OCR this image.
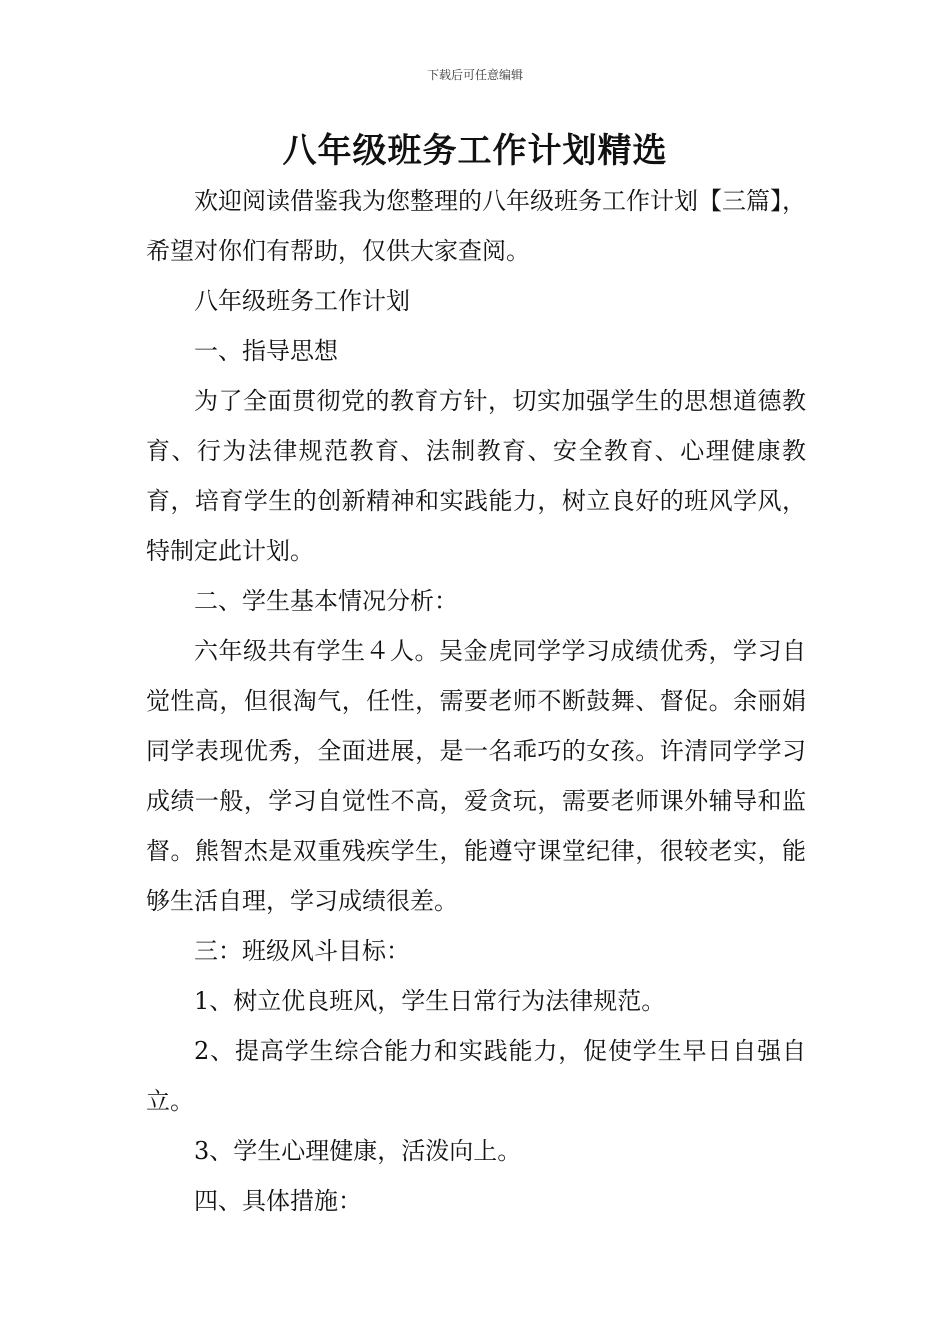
下载后可任意编辑
八年级班务工作计划精选

欢迎阅读借鉴我为您整理的八年级班务工作计划【三篇】，希望对你们有帮助，仅供大家查阅。

八年级班务工作计划

一、指导思想

为了全面贯彻党的教育方针，切实加强学生的思想道德教育、行为法律规范教育、法制教育、安全教育、心理健康教育，培育学生的创新精神和实践能力，树立良好的班风学风，特制定此计划。

二、学生基本情况分析：

六年级共有学生４人。吴金虎同学学习成绩优秀，学习自觉性高，但很淘气，任性，需要老师不断鼓舞、督促。余丽娟同学表现优秀，全面进展，是一名乖巧的女孩。许清同学学习成绩一般，学习自觉性不高，爱贪玩，需要老师课外辅导和监督。熊智杰是双重残疾学生，能遵守课堂纪律，很较老实，能够生活自理，学习成绩很差。

三：班级风斗目标：

1、树立优良班风，学生日常行为法律规范。

2、提高学生综合能力和实践能力，促使学生早日自强自立。

3、学生心理健康，活泼向上。

四、具体措施：
